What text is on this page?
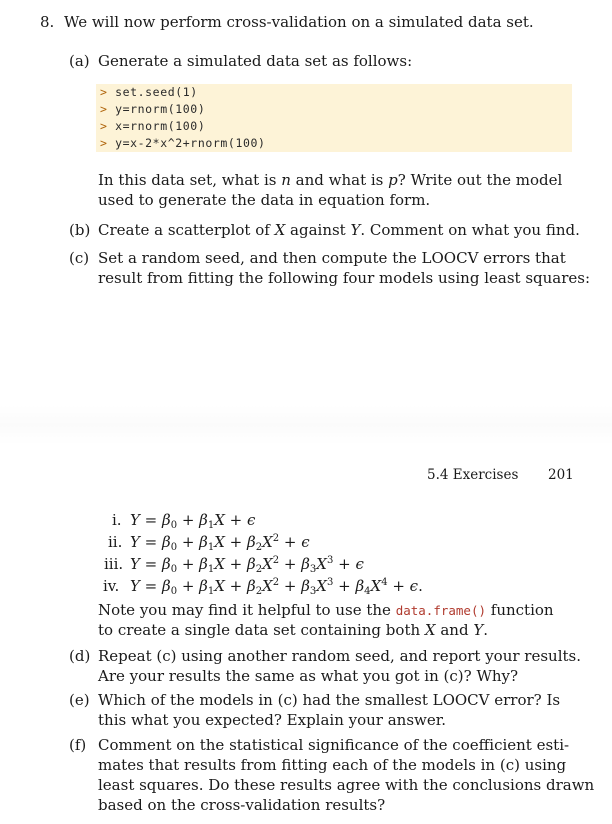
8. We will now perform cross-validation on a simulated data set.
(a) Generate a simulated data set as follows:
> set.seed(1)
> y=rnorm(100)
> x=rnorm(100)
> y=x-2*x^2+rnorm(100)
In this data set, what is n and what is p? Write out the model
used to generate the data in equation form.
(b) Create a scatterplot of X against Y. Comment on what you find.
(c) Set a random seed, and then compute the LOOCV errors that
result from fitting the following four models using least squares:
5.4 Exercises 201
i. $Y = \beta_0 + \beta_1X + \epsilon$
ii. $Y = \beta_0 + \beta_1X + \beta_2X^2 + \epsilon$
iii. $Y = \beta_0 + \beta_1X + \beta_2X^2 + \beta_3X^3 + \epsilon$
iv. $Y = \beta_0 + \beta_1X + \beta_2X^2 + \beta_3X^3 + \beta_4X^4 + \epsilon$.
Note you may find it helpful to use the data.frame() function
to create a single data set containing both X and Y.
(d) Repeat (c) using another random seed, and report your results.
Are your results the same as what you got in (c)? Why?
(e) Which of the models in (c) had the smallest LOOCV error? Is
this what you expected? Explain your answer.
(f) Comment on the statistical significance of the coefficient esti-
mates that results from fitting each of the models in (c) using
least squares. Do these results agree with the conclusions drawn
based on the cross-validation results?
